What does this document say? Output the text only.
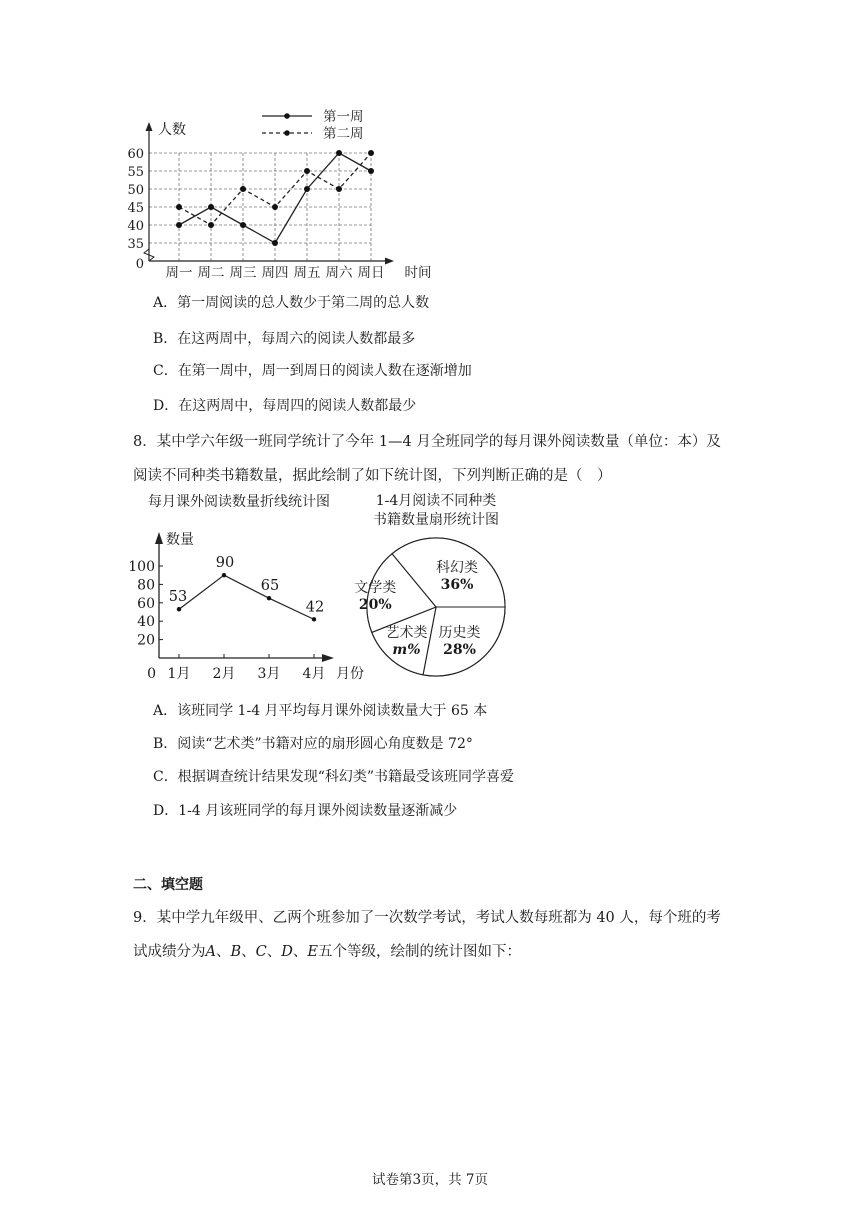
0
35
40
45
50
55
60
周一 周二 周三 周四 周五 周六 周日 时间
人数
第一周
第二周
A．第一周阅读的总人数少于第二周的总人数
B．在这两周中，每周六的阅读人数都最多
C．在第一周中，周一到周日的阅读人数在逐渐增加
D．在这两周中，每周四的阅读人数都最少
8．某中学六年级一班同学统计了今年 1—4 月全班同学的每月课外阅读数量（单位：本）及
阅读不同种类书籍数量，据此绘制了如下统计图，下列判断正确的是（　）
每月课外阅读数量折线统计图
数量
月份
0
20
40
60
80
100
1月 2月 3月 4月
53
90
65
42
1-4月阅读不同种类
书籍数量扇形统计图
科幻类
36%
历史类
28%
艺术类
m%
文学类
20%
A．该班同学 1-4 月平均每月课外阅读数量大于 65 本
B．阅读“艺术类”书籍对应的扇形圆心角度数是 72°
C．根据调查统计结果发现“科幻类”书籍最受该班同学喜爱
D．1-4 月该班同学的每月课外阅读数量逐渐减少
二、填空题
9．某中学九年级甲、乙两个班参加了一次数学考试，考试人数每班都为 40 人，每个班的考
试成绩分为A、B、C、D、E五个等级，绘制的统计图如下：
试卷第3页，共 7页
